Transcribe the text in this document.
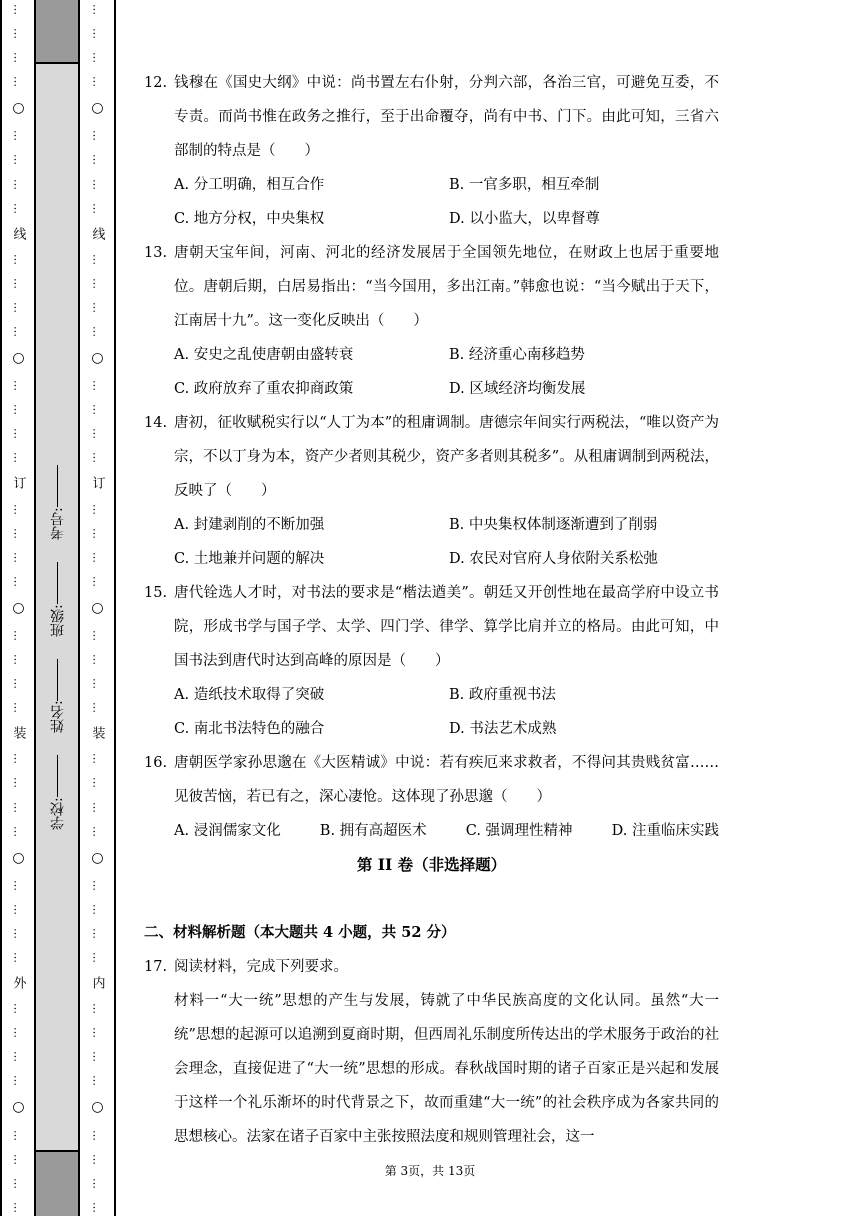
…
…
…
…
○
…
…
…
…
线
…
…
…
…
○
…
…
…
…
订
…
…
…
…
○
…
…
…
…
装
…
…
…
…
○
…
…
…
…
外
…
…
…
…
○
…
…
…
…
…
…
…
…
○
…
…
…
…
线
…
…
…
…
○
…
…
…
…
订
…
…
…
…
○
…
…
…
…
装
…
…
…
…
○
…
…
…
…
内
…
…
…
…
○
…
…
…
…
学校:
姓名:
班级:
考号:
12. 钱穆在《国史大纲》中说：尚书置左右仆射，分判六部，各治三官，可避免互委，不专责。而尚书惟在政务之推行，至于出命覆夺，尚有中书、门下。由此可知，三省六部制的特点是（　　）
A. 分工明确，相互合作	B. 一官多职，相互牵制
C. 地方分权，中央集权	D. 以小监大，以卑督尊
13. 唐朝天宝年间，河南、河北的经济发展居于全国领先地位，在财政上也居于重要地位。唐朝后期，白居易指出：“当今国用，多出江南。”韩愈也说：“当今赋出于天下，江南居十九”。这一变化反映出（　　）
A. 安史之乱使唐朝由盛转衰	B. 经济重心南移趋势
C. 政府放弃了重农抑商政策	D. 区域经济均衡发展
14. 唐初，征收赋税实行以“人丁为本”的租庸调制。唐德宗年间实行两税法，“唯以资产为宗，不以丁身为本，资产少者则其税少，资产多者则其税多”。从租庸调制到两税法，反映了（　　）
A. 封建剥削的不断加强	B. 中央集权体制逐渐遭到了削弱
C. 土地兼并问题的解决	D. 农民对官府人身依附关系松弛
15. 唐代铨选人才时，对书法的要求是“楷法遒美”。朝廷又开创性地在最高学府中设立书院，形成书学与国子学、太学、四门学、律学、算学比肩并立的格局。由此可知，中国书法到唐代时达到高峰的原因是（　　）
A. 造纸技术取得了突破	B. 政府重视书法
C. 南北书法特色的融合	D. 书法艺术成熟
16. 唐朝医学家孙思邈在《大医精诚》中说：若有疾厄来求救者，不得问其贵贱贫富……见彼苦恼，若已有之，深心凄怆。这体现了孙思邈（　　）
A. 浸润儒家文化	B. 拥有高超医术	C. 强调理性精神	D. 注重临床实践
第 II 卷（非选择题）
二、材料解析题（本大题共 4 小题，共 52 分）
17. 阅读材料，完成下列要求。
材料一“大一统”思想的产生与发展，铸就了中华民族高度的文化认同。虽然“大一统”思想的起源可以追溯到夏商时期，但西周礼乐制度所传达出的学术服务于政治的社会理念，直接促进了“大一统”思想的形成。春秋战国时期的诸子百家正是兴起和发展于这样一个礼乐渐坏的时代背景之下，故而重建“大一统”的社会秩序成为各家共同的思想核心。法家在诸子百家中主张按照法度和规则管理社会，这一
第 3页，共 13页
